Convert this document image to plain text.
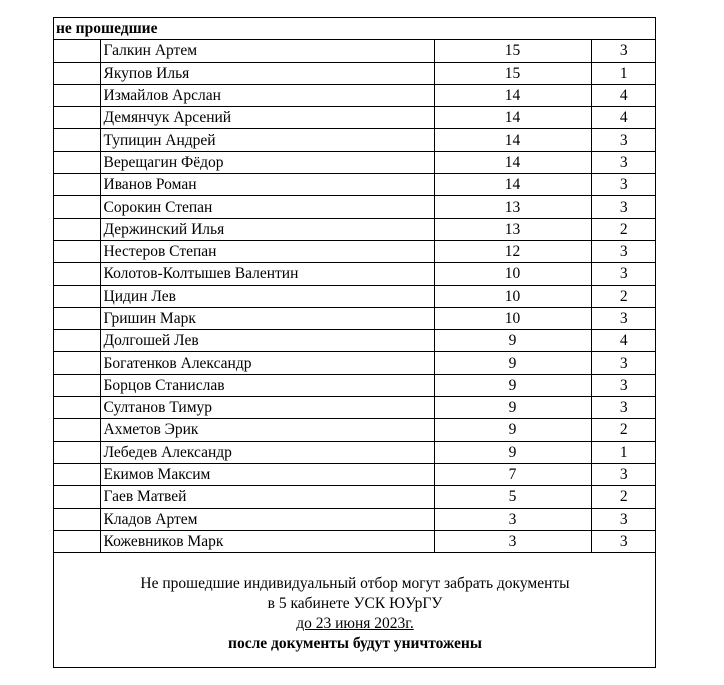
не прошедшие			
	Галкин Артем	15	3
	Якупов Илья	15	1
	Измайлов Арслан	14	4
	Демянчук Арсений	14	4
	Тупицин Андрей	14	3
	Верещагин Фёдор	14	3
	Иванов Роман	14	3
	Сорокин Степан	13	3
	Держинский Илья	13	2
	Нестеров Степан	12	3
	Колотов-Колтышев Валентин	10	3
	Цидин Лев	10	2
	Гришин Марк	10	3
	Долгошей Лев	9	4
	Богатенков Александр	9	3
	Борцов Станислав	9	3
	Султанов Тимур	9	3
	Ахметов Эрик	9	2
	Лебедев Александр	9	1
	Екимов Максим	7	3
	Гаев Матвей	5	2
	Кладов Артем	3	3
	Кожевников Марк	3	3
Не прошедшие индивидуальный отбор могут забрать документы
в 5 кабинете УСК ЮУрГУ
до 23 июня 2023г.
после документы будут уничтожены
